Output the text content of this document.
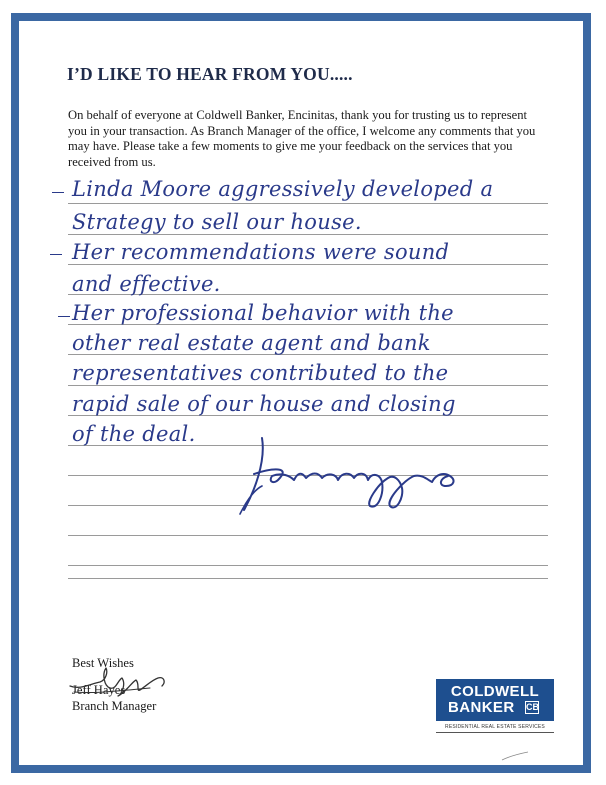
I’D LIKE TO HEAR FROM YOU.....
On behalf of everyone at Coldwell Banker, Encinitas, thank you for trusting us to represent you in your transaction. As Branch Manager of the office, I welcome any comments that you may have. Please take a few moments to give me your feedback on the services that you received from us.
Linda Moore aggressively developed a
Strategy to sell our house.
Her recommendations were sound
and effective.
Her professional behavior with the
other real estate agent and bank
representatives contributed to the
rapid sale of our house and closing
of the deal.
Best Wishes
Jeff Hayes
Branch Manager
COLDWELL
BANKER CB
RESIDENTIAL REAL ESTATE SERVICES
